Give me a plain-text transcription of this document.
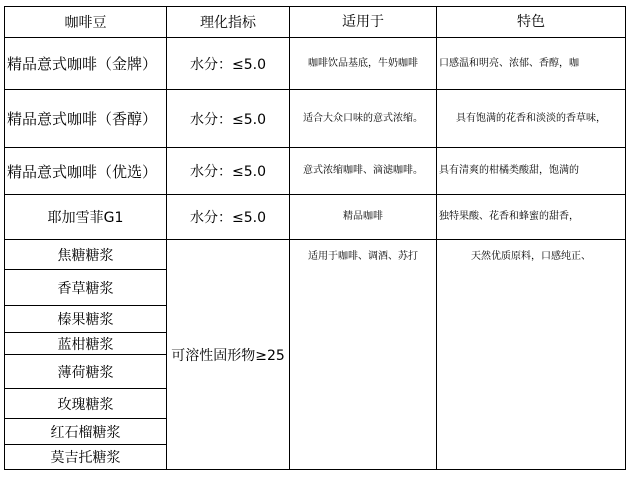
咖啡豆	理化指标	适用于	特色
精品意式咖啡（金牌）	水分：≤5.0	咖啡饮品基底，牛奶咖啡	口感温和明亮、浓郁、香醇，咖
精品意式咖啡（香醇）	水分：≤5.0	适合大众口味的意式浓缩。	具有饱满的花香和淡淡的香草味，
精品意式咖啡（优选）	水分：≤5.0	意式浓缩咖啡、滴滤咖啡。	具有清爽的柑橘类酸甜，饱满的
耶加雪菲G1	水分：≤5.0	精品咖啡	独特果酸、花香和蜂蜜的甜香，
焦糖糖浆	可溶性固形物≥25	适用于咖啡、调酒、苏打	天然优质原料，口感纯正、
香草糖浆			
榛果糖浆			
蓝柑糖浆			
薄荷糖浆			
玫瑰糖浆			
红石榴糖浆			
莫吉托糖浆			
